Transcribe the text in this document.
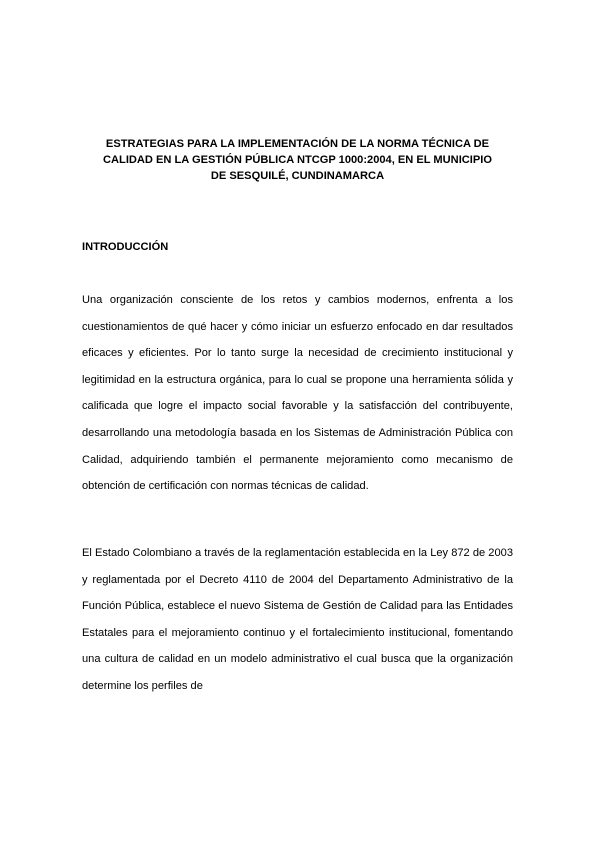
ESTRATEGIAS PARA LA IMPLEMENTACIÓN DE LA NORMA TÉCNICA DE
CALIDAD EN LA GESTIÓN PÚBLICA NTCGP 1000:2004, EN EL MUNICIPIO
DE SESQUILÉ, CUNDINAMARCA
INTRODUCCIÓN

Una organización consciente de los retos y cambios modernos, enfrenta a los cuestionamientos de qué hacer y cómo iniciar un esfuerzo enfocado en dar resultados eficaces y eficientes. Por lo tanto surge la necesidad de crecimiento institucional y legitimidad en la estructura orgánica, para lo cual se propone una herramienta sólida y calificada que logre el impacto social favorable y la satisfacción del contribuyente, desarrollando una metodología basada en los Sistemas de Administración Pública con Calidad, adquiriendo también el permanente mejoramiento como mecanismo de obtención de certificación con normas técnicas de calidad.

El Estado Colombiano a través de la reglamentación establecida en la Ley 872 de 2003 y reglamentada por el Decreto 4110 de 2004 del Departamento Administrativo de la Función Pública, establece el nuevo Sistema de Gestión de Calidad para las Entidades Estatales para el mejoramiento continuo y el fortalecimiento institucional, fomentando una cultura de calidad en un modelo administrativo el cual busca que la organización determine los perfiles de
